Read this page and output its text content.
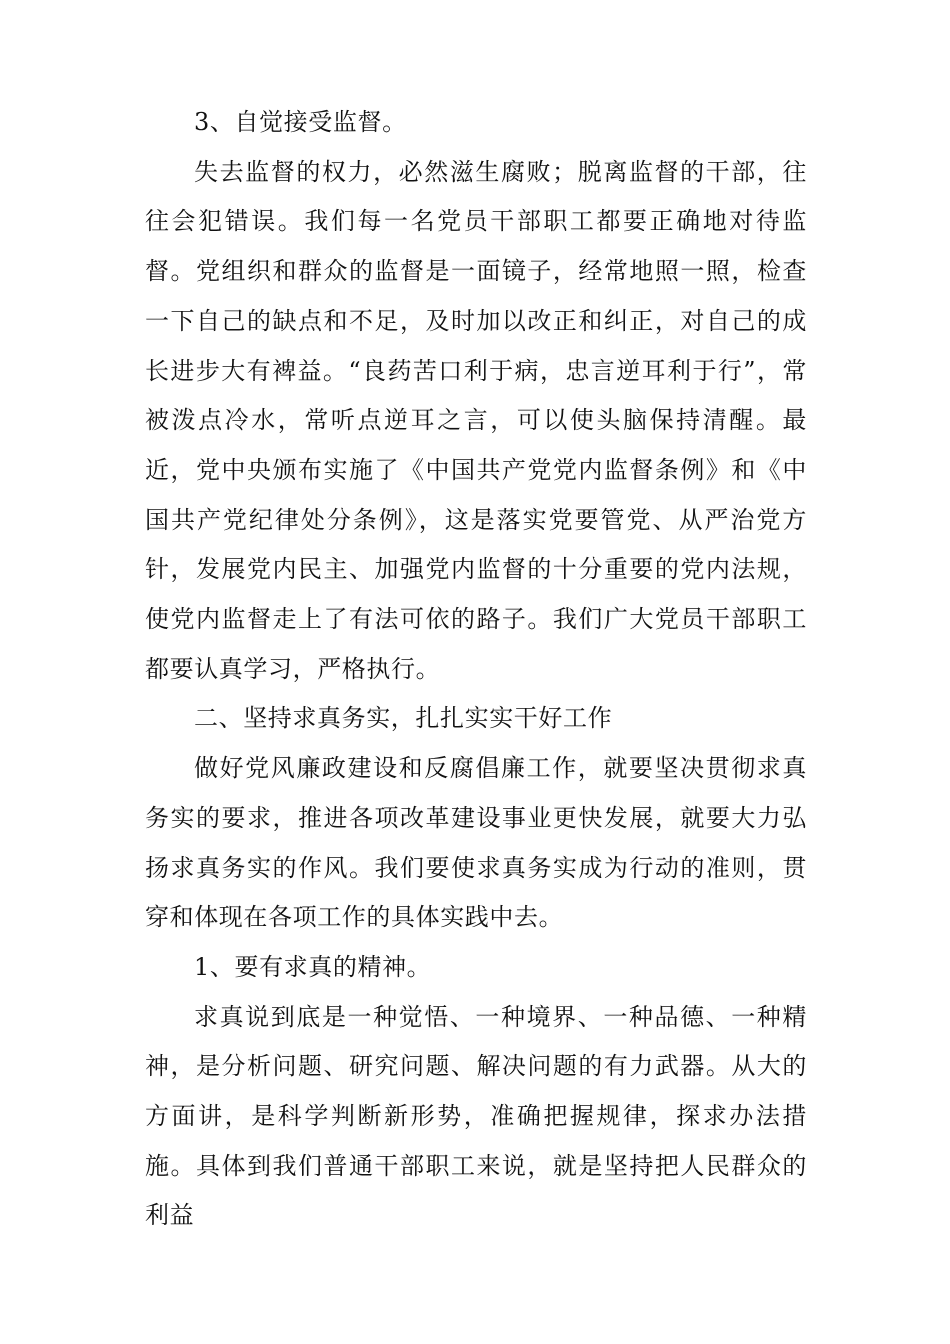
3、自觉接受监督。

失去监督的权力，必然滋生腐败；脱离监督的干部，往往会犯错误。我们每一名党员干部职工都要正确地对待监督。党组织和群众的监督是一面镜子，经常地照一照，检查一下自己的缺点和不足，及时加以改正和纠正，对自己的成长进步大有裨益。“良药苦口利于病，忠言逆耳利于行”，常被泼点冷水，常听点逆耳之言，可以使头脑保持清醒。最近，党中央颁布实施了《中国共产党党内监督条例》和《中国共产党纪律处分条例》，这是落实党要管党、从严治党方针，发展党内民主、加强党内监督的十分重要的党内法规，使党内监督走上了有法可依的路子。我们广大党员干部职工都要认真学习，严格执行。

二、坚持求真务实，扎扎实实干好工作

做好党风廉政建设和反腐倡廉工作，就要坚决贯彻求真务实的要求，推进各项改革建设事业更快发展，就要大力弘扬求真务实的作风。我们要使求真务实成为行动的准则，贯穿和体现在各项工作的具体实践中去。

1、要有求真的精神。

求真说到底是一种觉悟、一种境界、一种品德、一种精神，是分析问题、研究问题、解决问题的有力武器。从大的方面讲，是科学判断新形势，准确把握规律，探求办法措施。具体到我们普通干部职工来说，就是坚持把人民群众的利益
